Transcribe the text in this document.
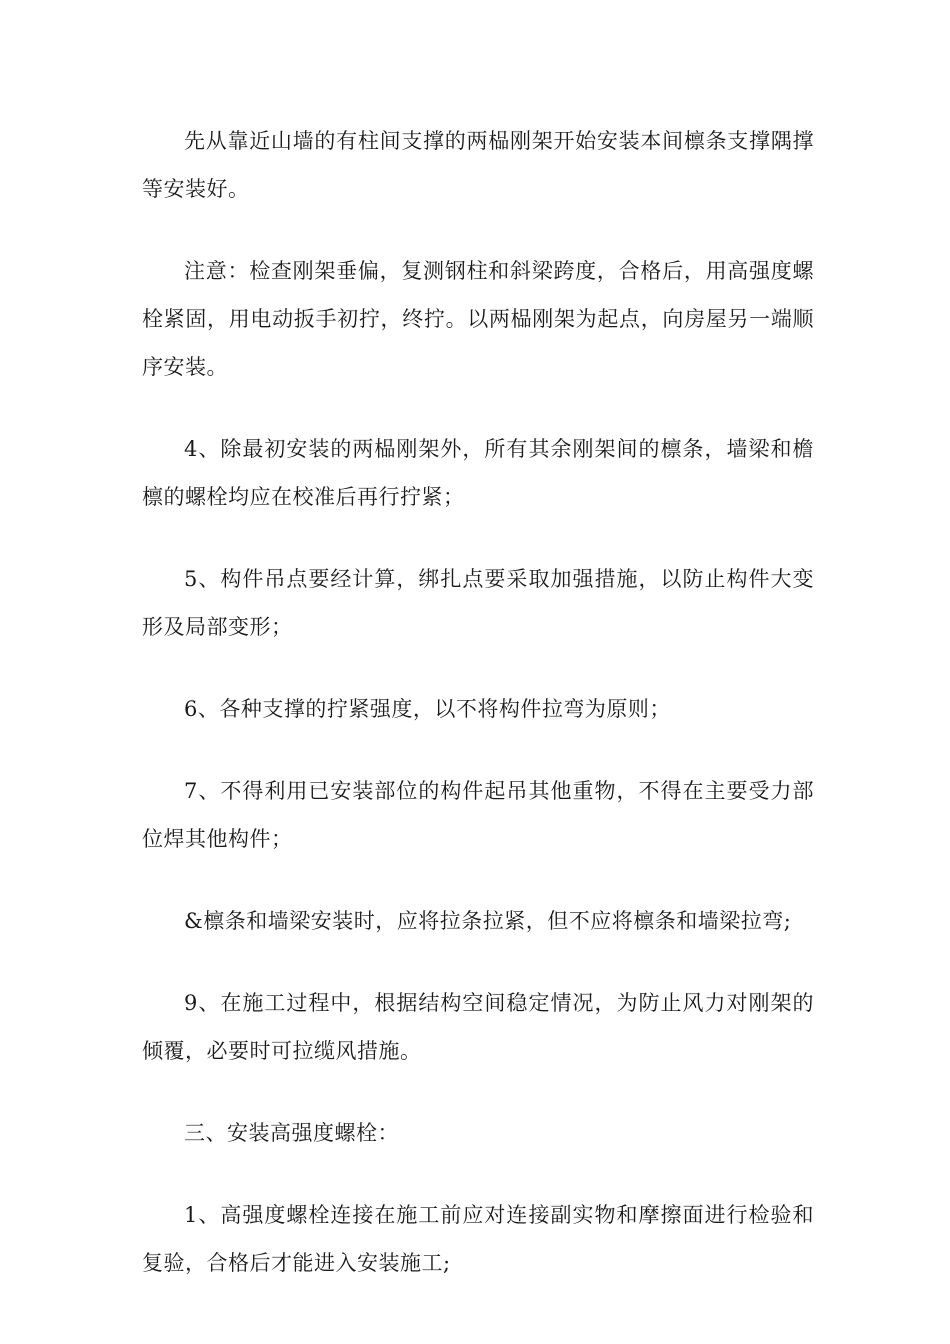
先从靠近山墙的有柱间支撑的两榀刚架开始安装本间檩条支撑隅撑等安装好。

注意：检查刚架垂偏，复测钢柱和斜梁跨度，合格后，用高强度螺栓紧固，用电动扳手初拧，终拧。以两榀刚架为起点，向房屋另一端顺序安装。

4、除最初安装的两榀刚架外，所有其余刚架间的檩条，墙梁和檐檩的螺栓均应在校准后再行拧紧；

5、构件吊点要经计算，绑扎点要采取加强措施，以防止构件大变形及局部变形；

6、各种支撑的拧紧强度，以不将构件拉弯为原则；

7、不得利用已安装部位的构件起吊其他重物，不得在主要受力部位焊其他构件；

&檩条和墙梁安装时，应将拉条拉紧，但不应将檩条和墙梁拉弯;

9、在施工过程中，根据结构空间稳定情况，为防止风力对刚架的倾覆，必要时可拉缆风措施。

三、安装高强度螺栓：

1、高强度螺栓连接在施工前应对连接副实物和摩擦面进行检验和复验，合格后才能进入安装施工;
